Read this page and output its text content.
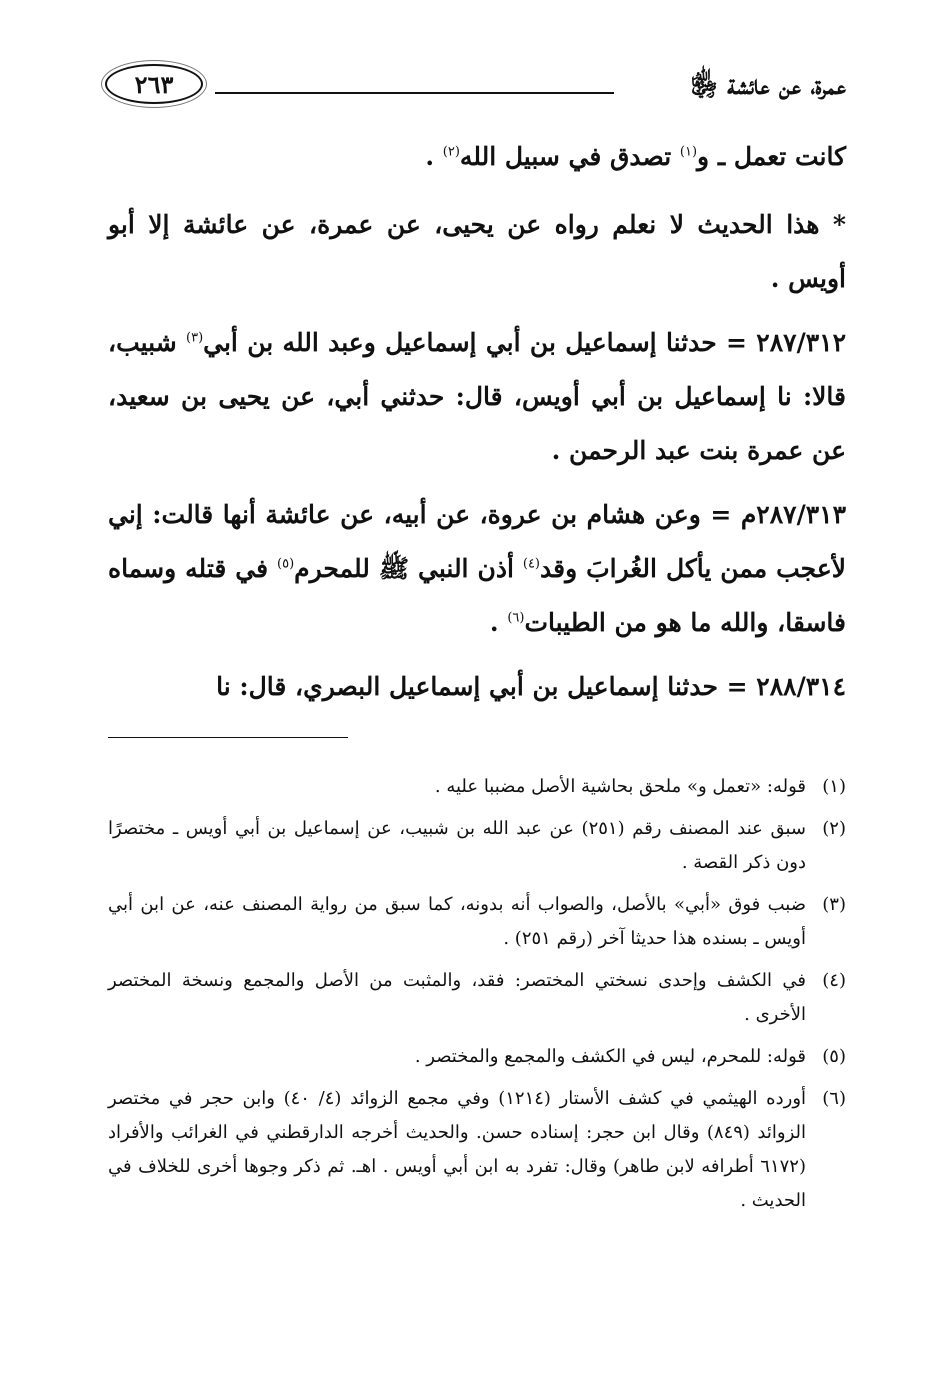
عمرة، عن عائشة ﵂
٢٦٣

كانت تعمل ـ و$^{(١)}$ تصدق في سبيل الله$^{(٢)}$ .

* هذا الحديث لا نعلم رواه عن يحيى، عن عمرة، عن عائشة إلا أبو أويس .

٢٨٧/٣١٢ = حدثنا إسماعيل بن أبي إسماعيل وعبد الله بن أبي$^{(٣)}$ شبيب، قالا: نا إسماعيل بن أبي أويس، قال: حدثني أبي، عن يحيى بن سعيد، عن عمرة بنت عبد الرحمن .

٢٨٧/٣١٣م = وعن هشام بن عروة، عن أبيه، عن عائشة أنها قالت: إني لأعجب ممن يأكل الغُرابَ وقد$^{(٤)}$ أذن النبي ﷺ للمحرم$^{(٥)}$ في قتله وسماه فاسقا، والله ما هو من الطيبات$^{(٦)}$ .

٢٨٨/٣١٤ = حدثنا إسماعيل بن أبي إسماعيل البصري، قال: نا

(١)
قوله: «تعمل و» ملحق بحاشية الأصل مضببا عليه .

(٢)
سبق عند المصنف رقم (٢٥١) عن عبد الله بن شبيب، عن إسماعيل بن أبي أويس ـ مختصرًا دون ذكر القصة .

(٣)
ضبب فوق «أبي» بالأصل، والصواب أنه بدونه، كما سبق من رواية المصنف عنه، عن ابن أبي أويس ـ بسنده هذا حديثا آخر (رقم ٢٥١) .

(٤)
في الكشف وإحدى نسختي المختصر: فقد، والمثبت من الأصل والمجمع ونسخة المختصر الأخرى .

(٥)
قوله: للمحرم، ليس في الكشف والمجمع والمختصر .

(٦)
أورده الهيثمي في كشف الأستار (١٢١٤) وفي مجمع الزوائد (٤/ ٤٠) وابن حجر في مختصر الزوائد (٨٤٩) وقال ابن حجر: إسناده حسن. والحديث أخرجه الدارقطني في الغرائب والأفراد (٦١٧٢ أطرافه لابن طاهر) وقال: تفرد به ابن أبي أويس . اهـ. ثم ذكر وجوها أخرى للخلاف في الحديث .
